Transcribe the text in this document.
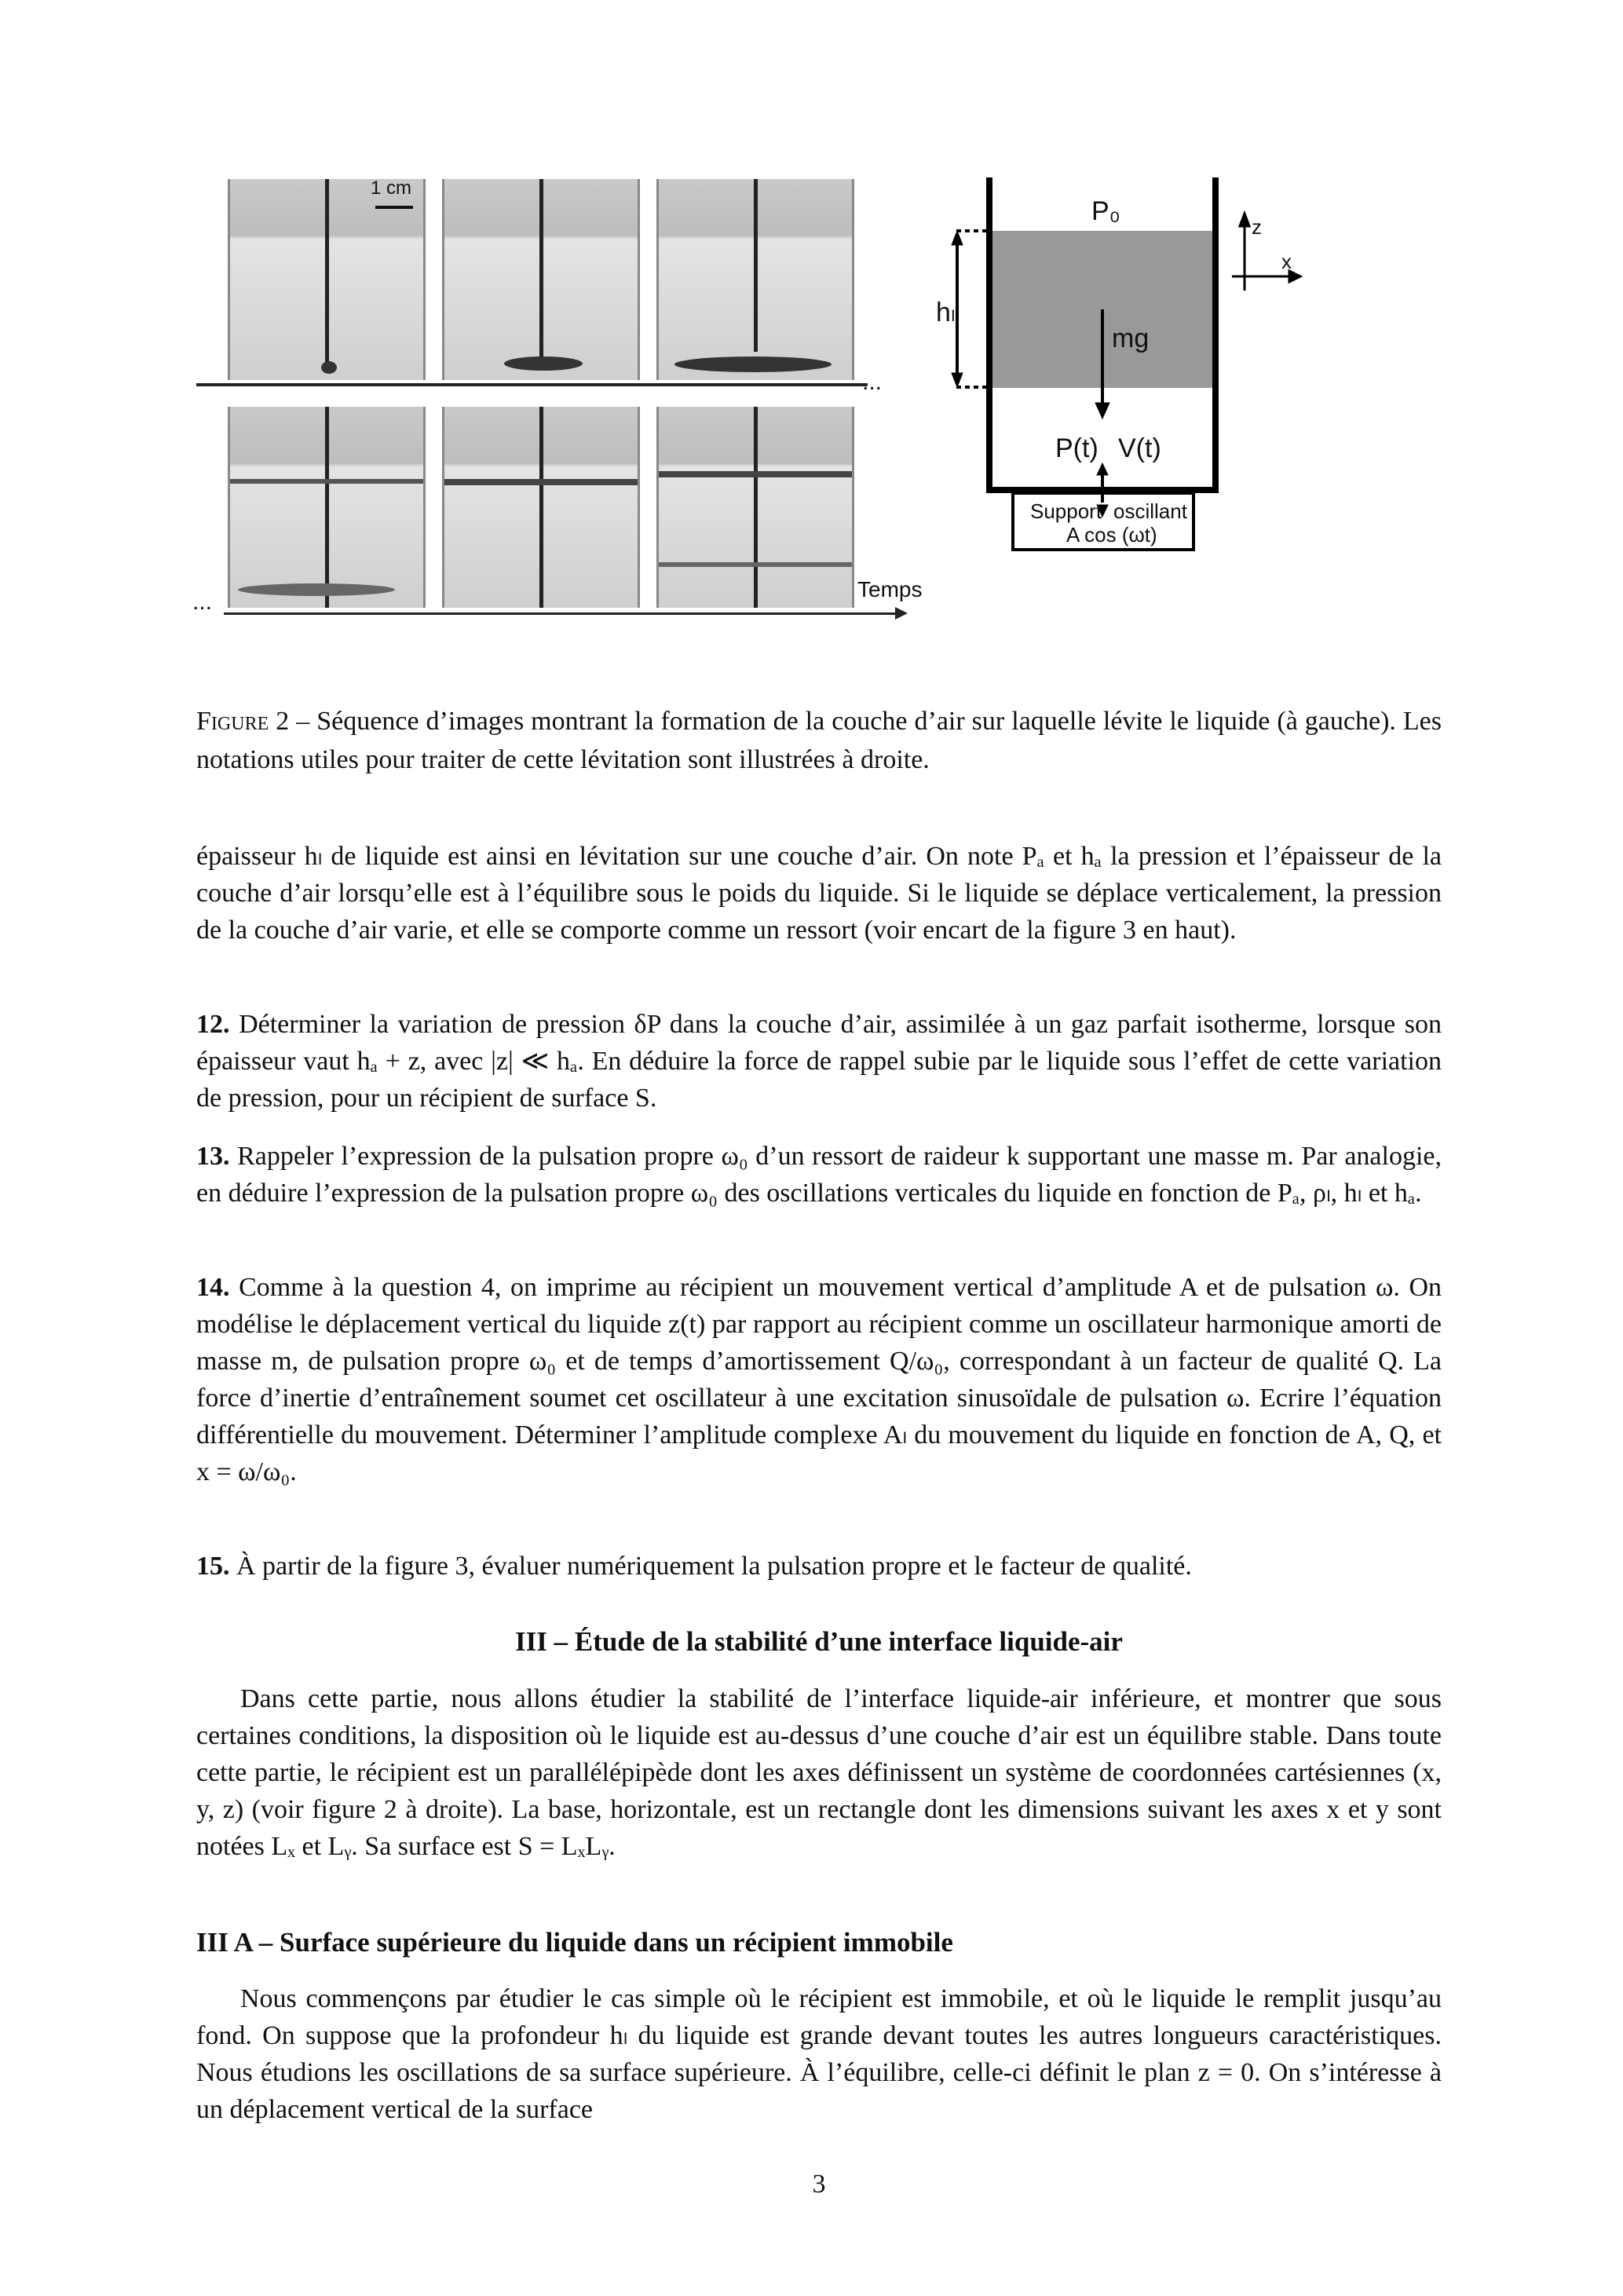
1 cm
...
...	Temps
P₀
hₗ
mg
P(t) V(t)
Support oscillant
A cos (ωt)
z
x
Figure 2 – Séquence d’images montrant la formation de la couche d’air sur laquelle lévite le liquide (à gauche). Les notations utiles pour traiter de cette lévitation sont illustrées à droite.
épaisseur hₗ de liquide est ainsi en lévitation sur une couche d’air. On note Pₐ et hₐ la pression et l’épaisseur de la couche d’air lorsqu’elle est à l’équilibre sous le poids du liquide. Si le liquide se déplace verticalement, la pression de la couche d’air varie, et elle se comporte comme un ressort (voir encart de la figure 3 en haut).
12. Déterminer la variation de pression δP dans la couche d’air, assimilée à un gaz parfait isotherme, lorsque son épaisseur vaut hₐ + z, avec |z| ≪ hₐ. En déduire la force de rappel subie par le liquide sous l’effet de cette variation de pression, pour un récipient de surface S.
13. Rappeler l’expression de la pulsation propre ω₀ d’un ressort de raideur k supportant une masse m. Par analogie, en déduire l’expression de la pulsation propre ω₀ des oscillations verticales du liquide en fonction de Pₐ, ρₗ, hₗ et hₐ.
14. Comme à la question 4, on imprime au récipient un mouvement vertical d’amplitude A et de pulsation ω. On modélise le déplacement vertical du liquide z(t) par rapport au récipient comme un oscillateur harmonique amorti de masse m, de pulsation propre ω₀ et de temps d’amortissement Q/ω₀, correspondant à un facteur de qualité Q. La force d’inertie d’entraînement soumet cet oscillateur à une excitation sinusoïdale de pulsation ω. Ecrire l’équation différentielle du mouvement. Déterminer l’amplitude complexe Aₗ du mouvement du liquide en fonction de A, Q, et x = ω/ω₀.
15. À partir de la figure 3, évaluer numériquement la pulsation propre et le facteur de qualité.
III – Étude de la stabilité d’une interface liquide-air
Dans cette partie, nous allons étudier la stabilité de l’interface liquide-air inférieure, et montrer que sous certaines conditions, la disposition où le liquide est au-dessus d’une couche d’air est un équilibre stable. Dans toute cette partie, le récipient est un parallélépipède dont les axes définissent un système de coordonnées cartésiennes (x, y, z) (voir figure 2 à droite). La base, horizontale, est un rectangle dont les dimensions suivant les axes x et y sont notées Lₓ et Lᵧ. Sa surface est S = LₓLᵧ.
III A – Surface supérieure du liquide dans un récipient immobile
Nous commençons par étudier le cas simple où le récipient est immobile, et où le liquide le remplit jusqu’au fond. On suppose que la profondeur hₗ du liquide est grande devant toutes les autres longueurs caractéristiques. Nous étudions les oscillations de sa surface supérieure. À l’équilibre, celle-ci définit le plan z = 0. On s’intéresse à un déplacement vertical de la surface
3
